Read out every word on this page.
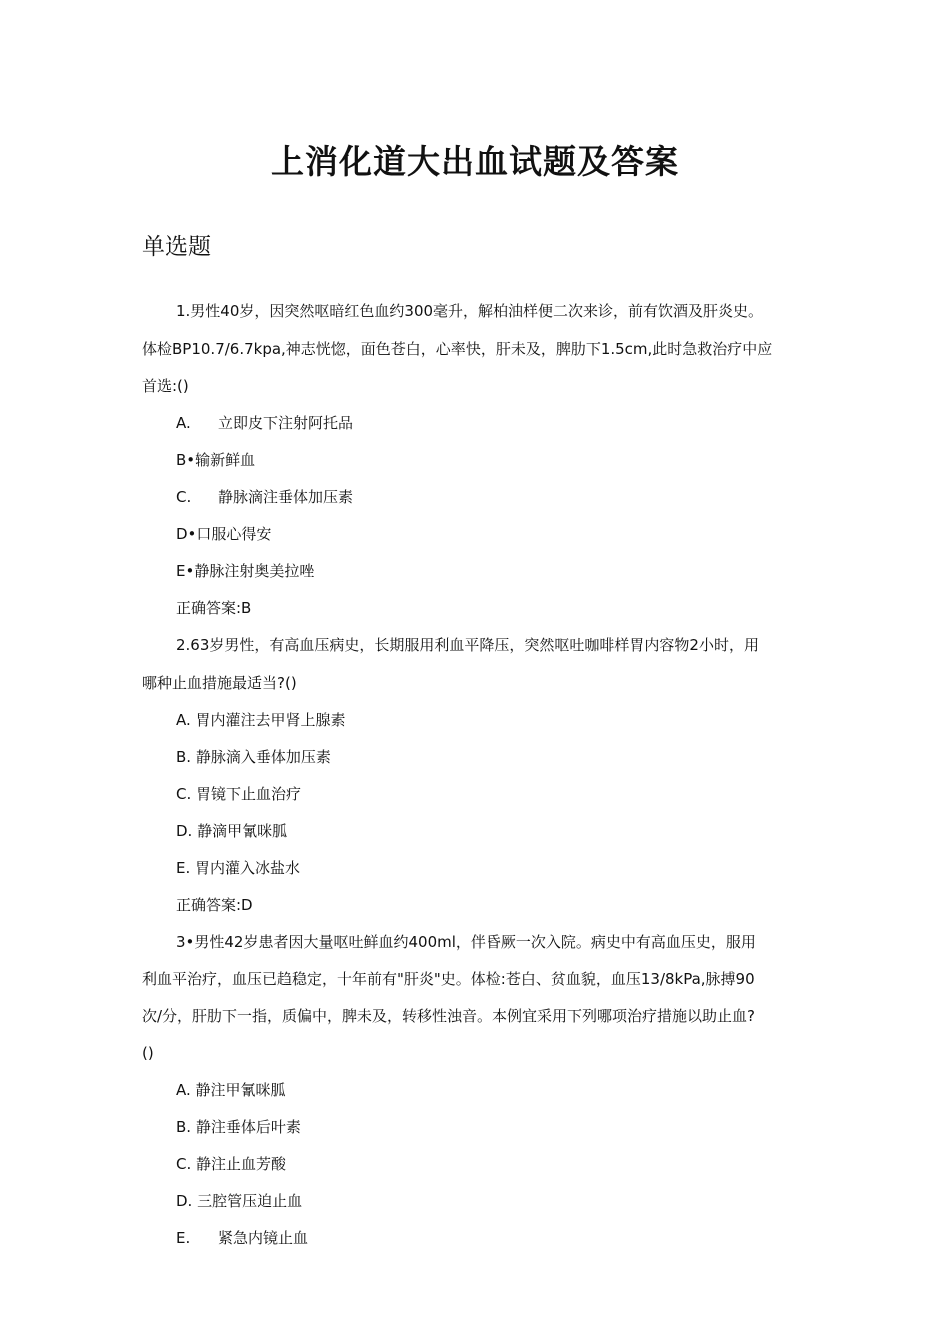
上消化道大出血试题及答案
单选题

1.男性40岁，因突然呕暗红色血约300毫升，解柏油样便二次来诊，前有饮酒及肝炎史。

体检BP10.7/6.7kpa,神志恍惚，面色苍白，心率快，肝未及，脾肋下1.5cm,此时急救治疗中应

首选:()

A. 立即皮下注射阿托品

B•输新鲜血

C. 静脉滴注垂体加压素

D•口服心得安

E•静脉注射奥美拉唑

正确答案:B

2.63岁男性，有高血压病史，长期服用利血平降压，突然呕吐咖啡样胃内容物2小时，用

哪种止血措施最适当?()

A. 胃内灌注去甲肾上腺素

B. 静脉滴入垂体加压素

C. 胃镜下止血治疗

D. 静滴甲氰咪胍

E. 胃内灌入冰盐水

正确答案:D

3•男性42岁患者因大量呕吐鲜血约400ml，伴昏厥一次入院。病史中有高血压史，服用

利血平治疗，血压已趋稳定，十年前有"肝炎"史。体检:苍白、贫血貌，血压13/8kPa,脉搏90

次/分，肝肋下一指，质偏中，脾未及，转移性浊音。本例宜采用下列哪项治疗措施以助止血?

()

A. 静注甲氰咪胍

B. 静注垂体后叶素

C. 静注止血芳酸

D. 三腔管压迫止血

E. 紧急内镜止血
